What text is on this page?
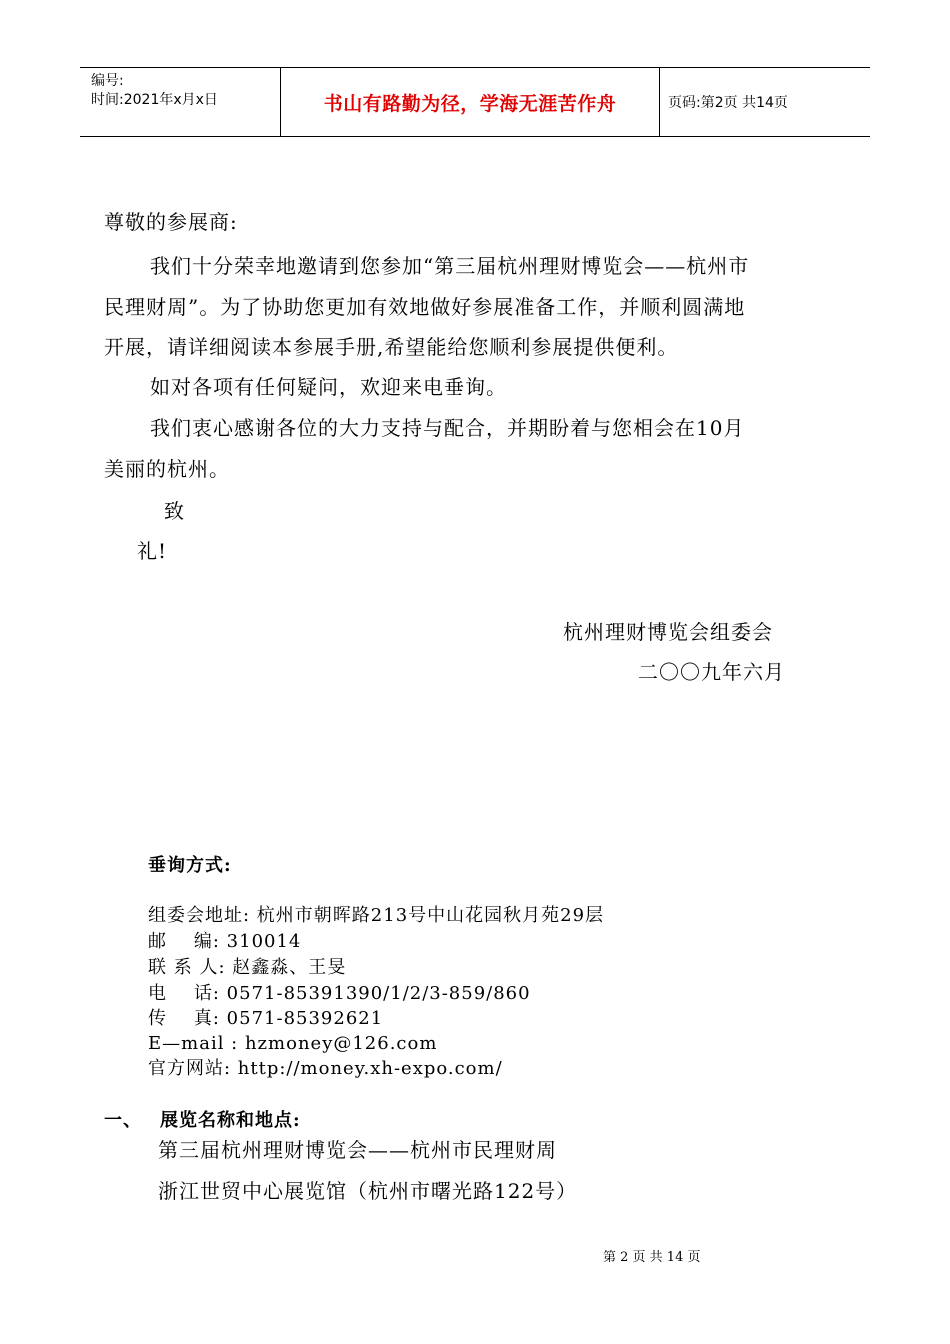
编号:
时间:2021年x月x日	书山有路勤为径，学海无涯苦作舟	页码:第2页 共14页
尊敬的参展商:
我们十分荣幸地邀请到您参加“第三届杭州理财博览会——杭州市
民理财周”。为了协助您更加有效地做好参展准备工作，并顺利圆满地
开展，请详细阅读本参展手册,希望能给您顺利参展提供便利。
如对各项有任何疑问，欢迎来电垂询。
我们衷心感谢各位的大力支持与配合，并期盼着与您相会在10月
美丽的杭州。
致
礼!
杭州理财博览会组委会
二〇〇九年六月
垂询方式:
组委会地址: 杭州市朝晖路213号中山花园秋月苑29层
邮    编: 310014
联 系 人: 赵鑫淼、王旻
电    话: 0571-85391390/1/2/3-859/860
传    真: 0571-85392621
E—mail : hzmoney@126.com
官方网站: http://money.xh-expo.com/
一、 展览名称和地点:
第三届杭州理财博览会——杭州市民理财周
浙江世贸中心展览馆（杭州市曙光路122号）
第 2 页 共 14 页
